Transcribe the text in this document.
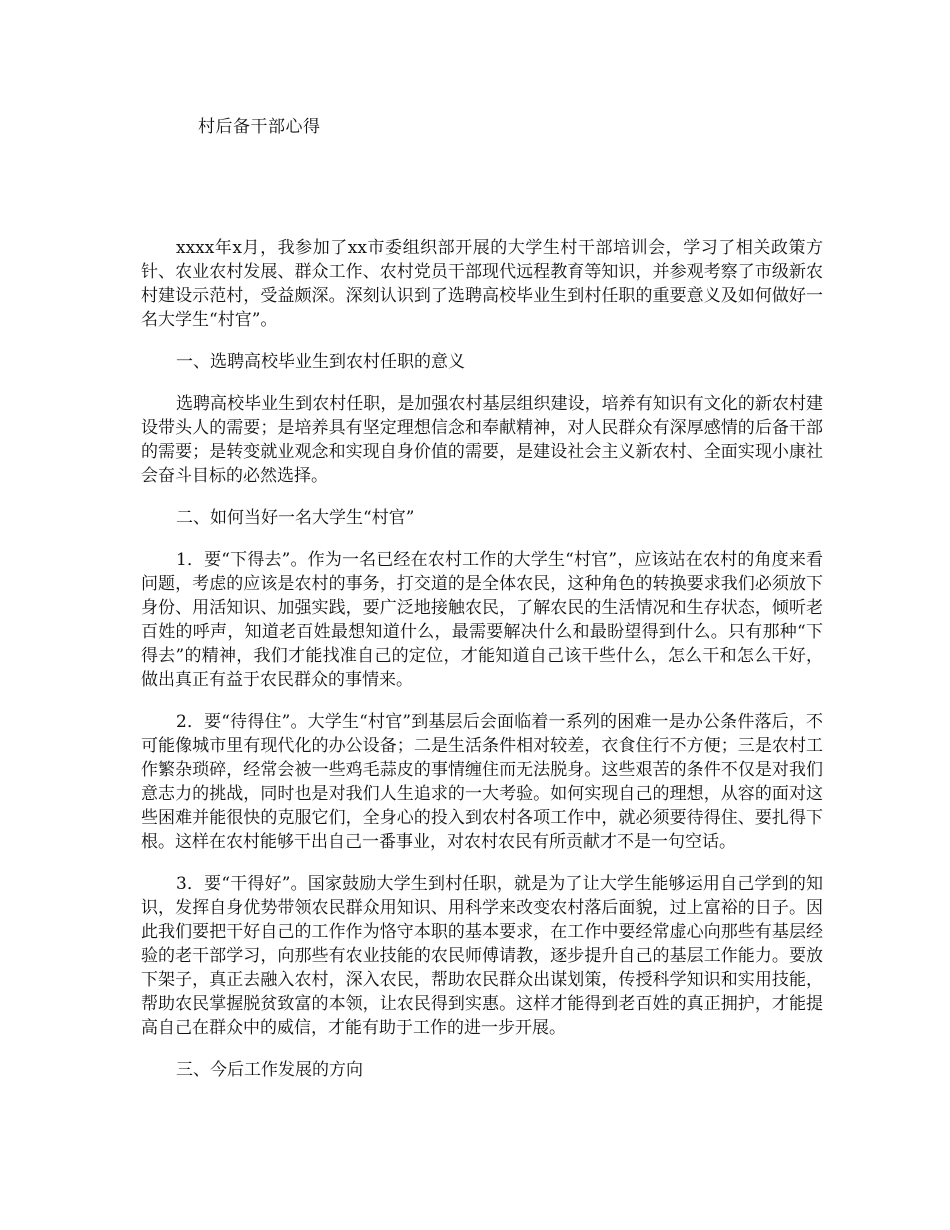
村后备干部心得

xxxx年x月，我参加了xx市委组织部开展的大学生村干部培训会，学习了相关政策方针、农业农村发展、群众工作、农村党员干部现代远程教育等知识，并参观考察了市级新农村建设示范村，受益颇深。深刻认识到了选聘高校毕业生到村任职的重要意义及如何做好一名大学生“村官”。

一、选聘高校毕业生到农村任职的意义

选聘高校毕业生到农村任职，是加强农村基层组织建设，培养有知识有文化的新农村建设带头人的需要；是培养具有坚定理想信念和奉献精神，对人民群众有深厚感情的后备干部的需要；是转变就业观念和实现自身价值的需要，是建设社会主义新农村、全面实现小康社会奋斗目标的必然选择。

二、如何当好一名大学生“村官”

1．要“下得去”。作为一名已经在农村工作的大学生“村官”，应该站在农村的角度来看问题，考虑的应该是农村的事务，打交道的是全体农民，这种角色的转换要求我们必须放下身份、用活知识、加强实践，要广泛地接触农民，了解农民的生活情况和生存状态，倾听老百姓的呼声，知道老百姓最想知道什么，最需要解决什么和最盼望得到什么。只有那种“下得去”的精神，我们才能找准自己的定位，才能知道自己该干些什么，怎么干和怎么干好，做出真正有益于农民群众的事情来。

2．要“待得住”。大学生“村官”到基层后会面临着一系列的困难一是办公条件落后，不可能像城市里有现代化的办公设备；二是生活条件相对较差，衣食住行不方便；三是农村工作繁杂琐碎，经常会被一些鸡毛蒜皮的事情缠住而无法脱身。这些艰苦的条件不仅是对我们意志力的挑战，同时也是对我们人生追求的一大考验。如何实现自己的理想，从容的面对这些困难并能很快的克服它们，全身心的投入到农村各项工作中，就必须要待得住、要扎得下根。这样在农村能够干出自己一番事业，对农村农民有所贡献才不是一句空话。

3．要“干得好”。国家鼓励大学生到村任职，就是为了让大学生能够运用自己学到的知识，发挥自身优势带领农民群众用知识、用科学来改变农村落后面貌，过上富裕的日子。因此我们要把干好自己的工作作为恪守本职的基本要求，在工作中要经常虚心向那些有基层经验的老干部学习，向那些有农业技能的农民师傅请教，逐步提升自己的基层工作能力。要放下架子，真正去融入农村，深入农民，帮助农民群众出谋划策，传授科学知识和实用技能，帮助农民掌握脱贫致富的本领，让农民得到实惠。这样才能得到老百姓的真正拥护，才能提高自己在群众中的威信，才能有助于工作的进一步开展。

三、今后工作发展的方向
